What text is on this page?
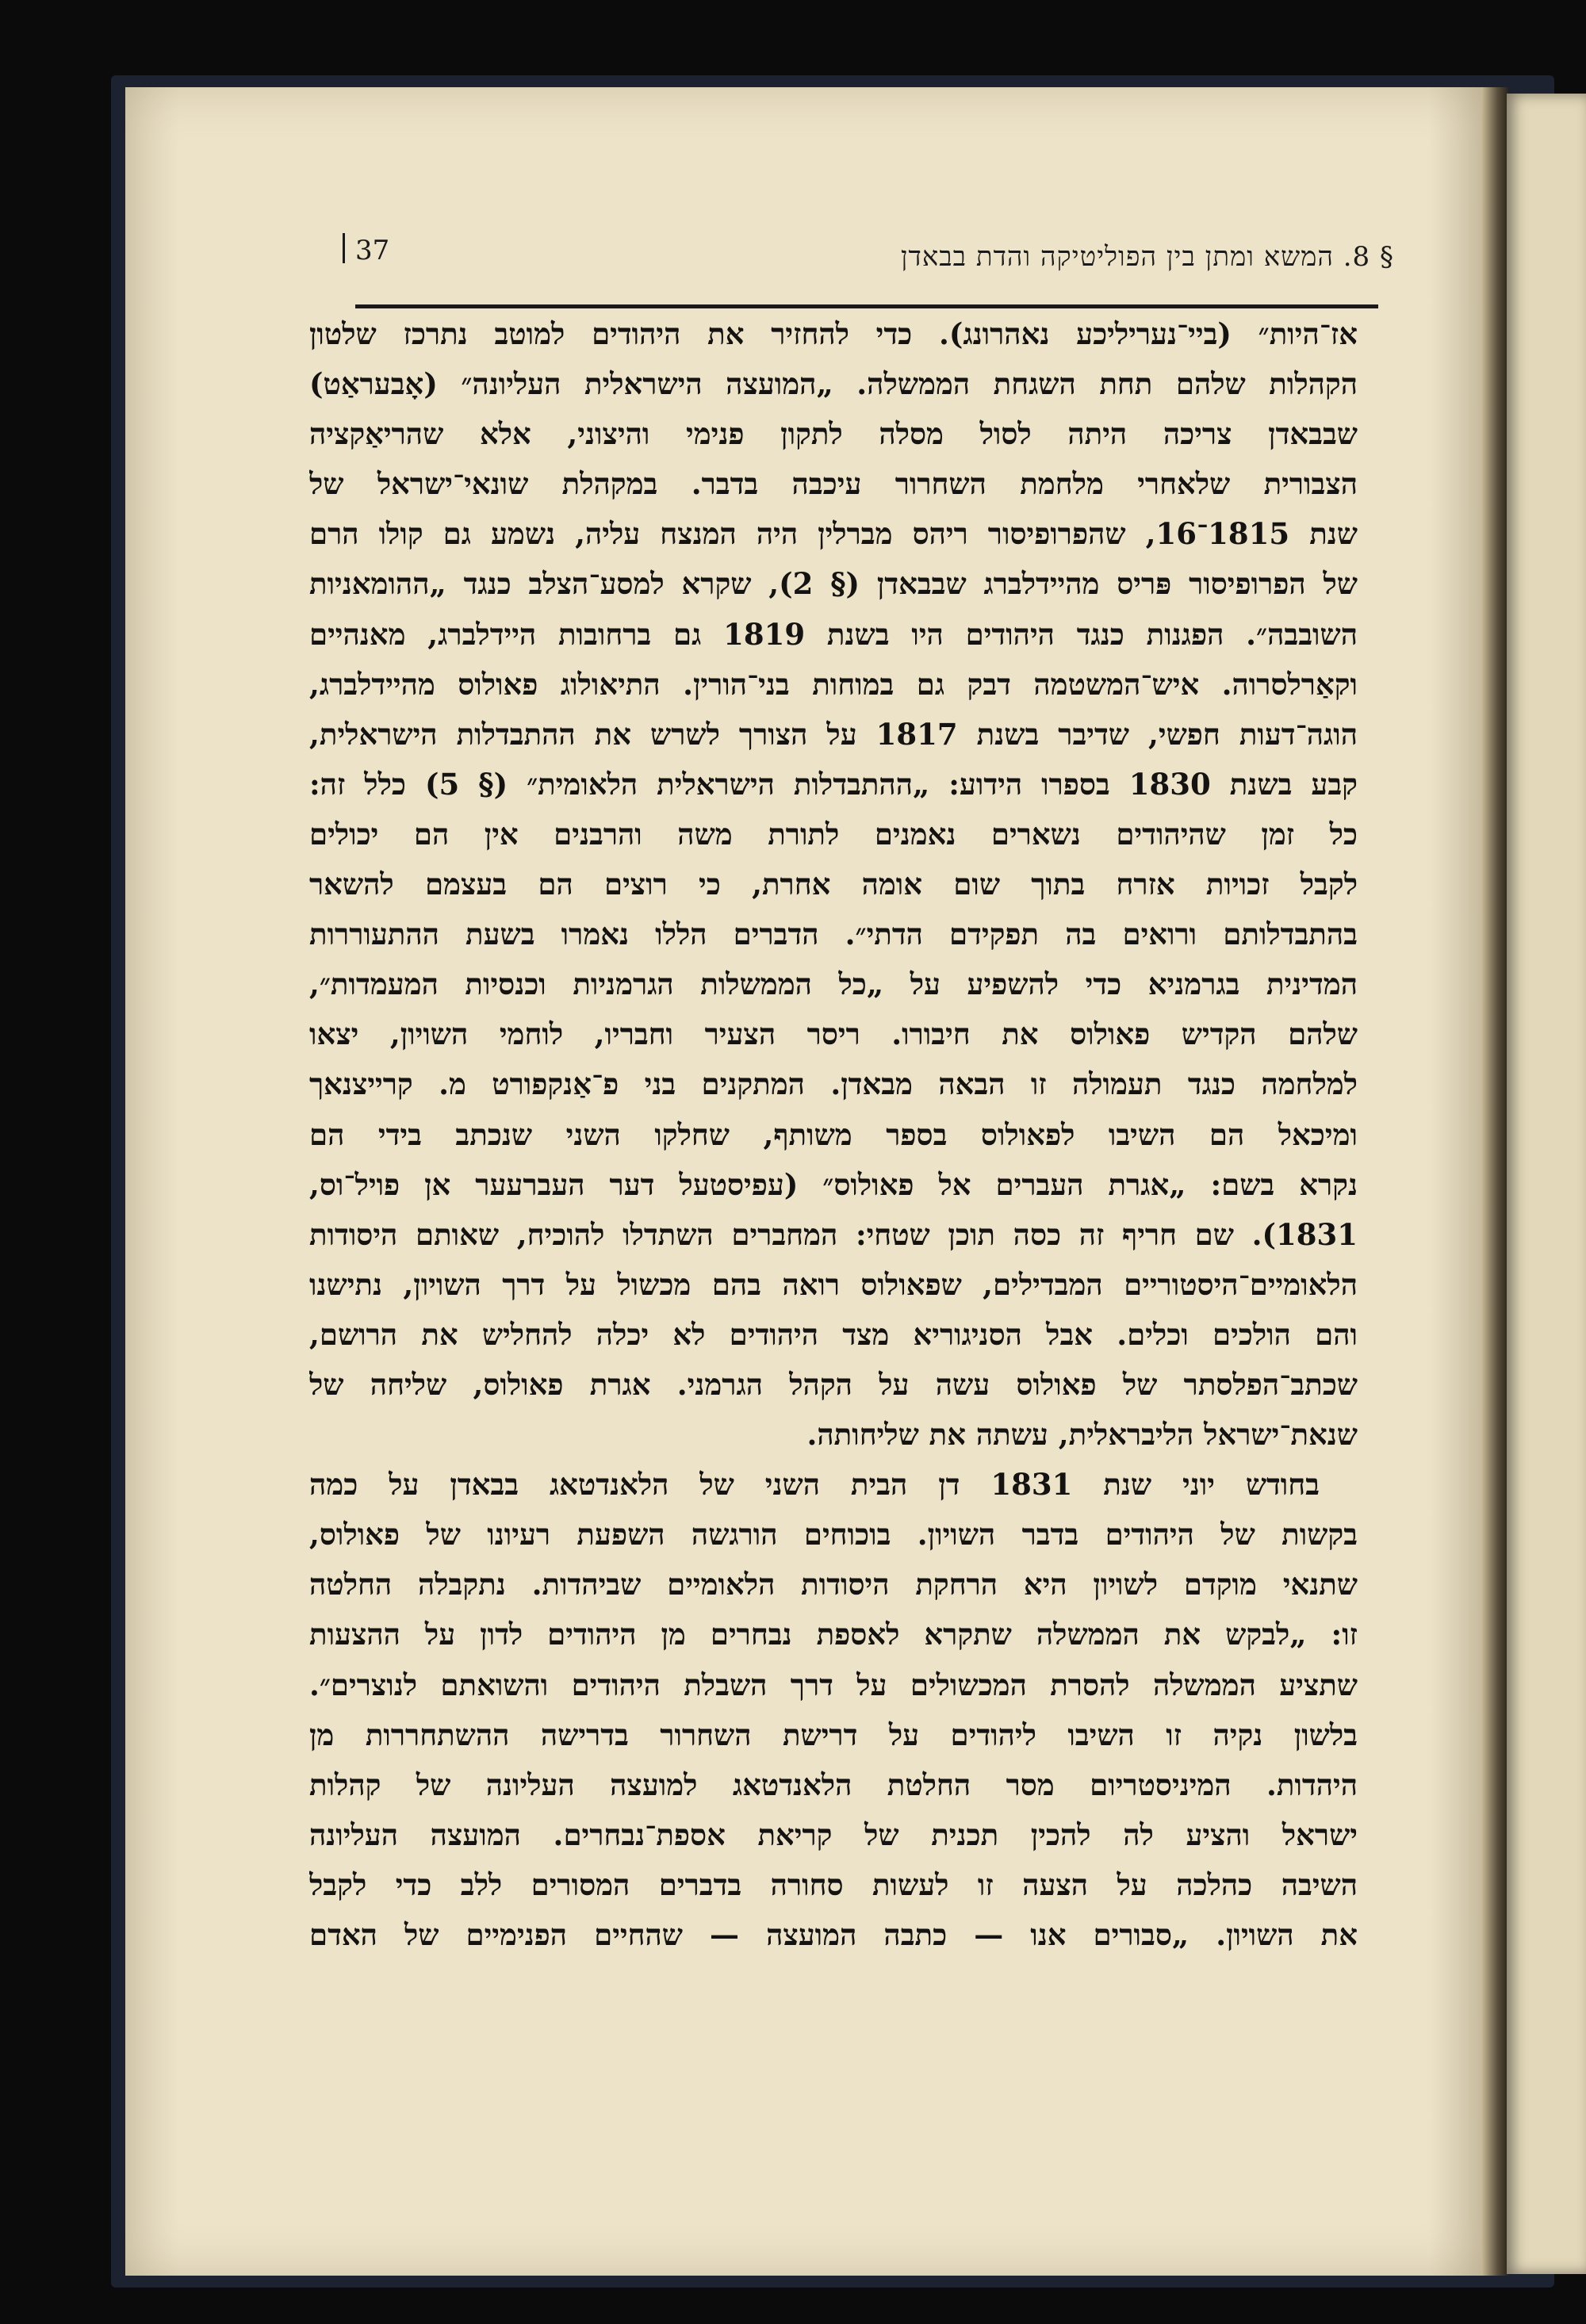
37	§ 8. המשא ומתן בין הפוליטיקה והדת בבאדן
אז־היות״ (ביי־נעריליכע נאהרונג). כדי להחזיר את היהודים למוטב נתרכז שלטון
הקהלות שלהם תחת השגחת הממשלה. „המועצה הישראלית העליונה״ (אָבעראַט)
שבבאדן צריכה היתה לסול מסלה לתקון פנימי והיצוני, אלא שהריאַקציה
הצבורית שלאחרי מלחמת השחרור עיכבה בדבר. במקהלת שונאי־ישראל של
שנת 1815־16, שהפרופיסור ריהס מברלין היה המנצח עליה, נשמע גם קולו הרם
של הפרופיסור פּריס מהיידלברג שבבאדן (§ 2), שקרא למסע־הצלב כנגד „ההומאניות
השובבה״. הפגנות כנגד היהודים היו בשנת 1819 גם ברחובות היידלברג, מאנהיים
וקאַרלסרוה. איש־המשטמה דבק גם במוחות בני־הורין. התיאולוג פאולוס מהיידלברג,
הוגה־דעות חפשי, שדיבר בשנת 1817 על הצורך לשרש את ההתבדלות הישראלית,
קבע בשנת 1830 בספרו הידוע: „ההתבדלות הישראלית הלאומית״ (§ 5) כלל זה:
כל זמן שהיהודים נשארים נאמנים לתורת משה והרבנים אין הם יכולים
לקבל זכויות אזרח בתוך שום אומה אחרת, כי רוצים הם בעצמם להשאר
בהתבדלותם ורואים בה תפקידם הדתי״. הדברים הללו נאמרו בשעת ההתעוררות
המדינית בגרמניא כדי להשפיע על „כל הממשלות הגרמניות וכנסיות המעמדות״,
שלהם הקדיש פאולוס את חיבורו. ריסר הצעיר וחבריו, לוחמי השויון, יצאו
למלחמה כנגד תעמולה זו הבאה מבאדן. המתקנים בני פ־אַנקפורט מ. קרייצנאך
ומיכאל הם השיבו לפאולוס בספר משותף, שחלקו השני שנכתב בידי הם
נקרא בשם: „אגרת העברים אל פאולוס״ (עפיסטעל דער העברעער אן פויל־וס,
1831). שם חריף זה כסה תוכן שטחי: המחברים השתדלו להוכיח, שאותם היסודות
הלאומיים־היסטוריים המבדילים, שפאולוס רואה בהם מכשול על דרך השויון, נתישנו
והם הולכים וכלים. אבל הסניגוריא מצד היהודים לא יכלה להחליש את הרושם,
שכתב־הפלסתר של פאולוס עשה על הקהל הגרמני. אגרת פאולוס, שליחה של
שנאת־ישראל הליבראלית, עשתה את שליחותה.
בחודש יוני שנת 1831 דן הבית השני של הלאנדטאג בבאדן על כמה
בקשות של היהודים בדבר השויון. בוכוחים הורגשה השפעת רעיונו של פאולוס,
שתנאי מוקדם לשויון היא הרחקת היסודות הלאומיים שביהדות. נתקבלה החלטה
זו: „לבקש את הממשלה שתקרא לאספת נבחרים מן היהודים לדון על ההצעות
שתציע הממשלה להסרת המכשולים על דרך השבלת היהודים והשואתם לנוצרים״.
בלשון נקיה זו השיבו ליהודים על דרישת השחרור בדרישה ההשתחררות מן
היהדות. המיניסטריום מסר החלטת הלאנדטאג למועצה העליונה של קהלות
ישראל והציע לה להכין תכנית של קריאת אספת־נבחרים. המועצה העליונה
השיבה כהלכה על הצעה זו לעשות סחורה בדברים המסורים ללב כדי לקבל
את השויון. „סבורים אנו — כתבה המועצה — שהחיים הפנימיים של האדם
